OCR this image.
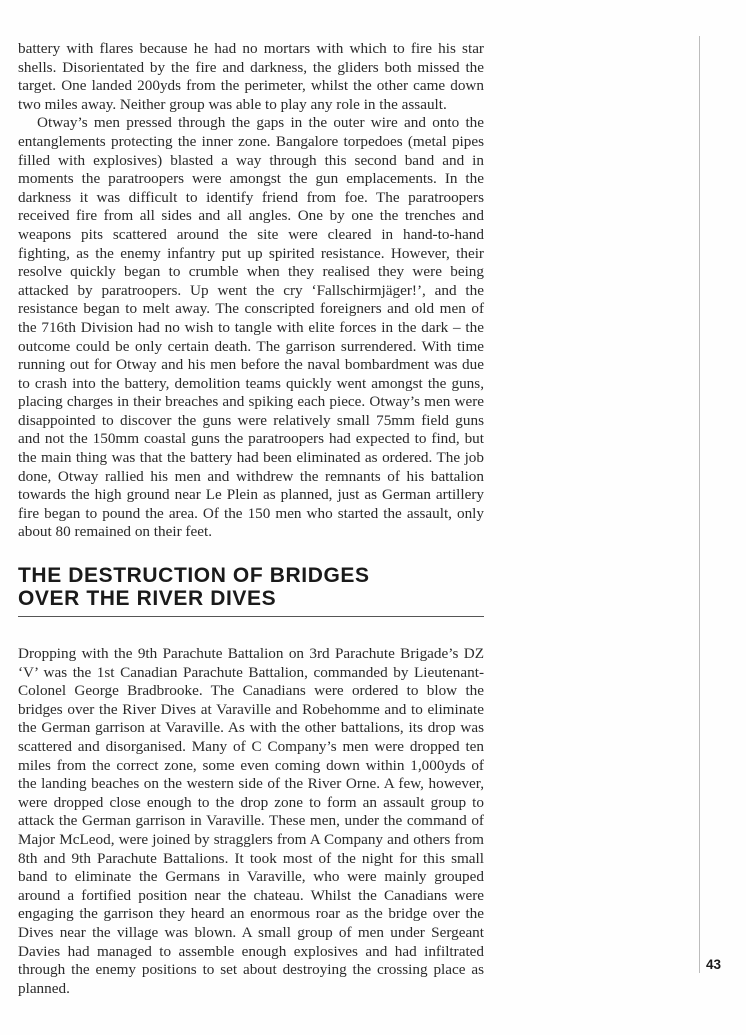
battery with flares because he had no mortars with which to fire his star shells. Disorientated by the fire and darkness, the gliders both missed the target. One landed 200yds from the perimeter, whilst the other came down two miles away. Neither group was able to play any role in the assault.

Otway’s men pressed through the gaps in the outer wire and onto the entanglements protecting the inner zone. Bangalore torpedoes (metal pipes filled with explosives) blasted a way through this second band and in moments the paratroopers were amongst the gun emplacements. In the darkness it was difficult to identify friend from foe. The paratroopers received fire from all sides and all angles. One by one the trenches and weapons pits scattered around the site were cleared in hand-to-hand fighting, as the enemy infantry put up spirited resistance. However, their resolve quickly began to crumble when they realised they were being attacked by paratroopers. Up went the cry ‘Fallschirmjäger!’, and the resistance began to melt away. The conscripted foreigners and old men of the 716th Division had no wish to tangle with elite forces in the dark – the outcome could be only certain death. The garrison surrendered. With time running out for Otway and his men before the naval bombardment was due to crash into the battery, demolition teams quickly went amongst the guns, placing charges in their breaches and spiking each piece. Otway’s men were disappointed to discover the guns were relatively small 75mm field guns and not the 150mm coastal guns the paratroopers had expected to find, but the main thing was that the battery had been eliminated as ordered. The job done, Otway rallied his men and withdrew the remnants of his battalion towards the high ground near Le Plein as planned, just as German artillery fire began to pound the area. Of the 150 men who started the assault, only about 80 remained on their feet.

THE DESTRUCTION OF BRIDGES
OVER THE RIVER DIVES

Dropping with the 9th Parachute Battalion on 3rd Parachute Brigade’s DZ ‘V’ was the 1st Canadian Parachute Battalion, commanded by Lieutenant-Colonel George Bradbrooke. The Canadians were ordered to blow the bridges over the River Dives at Varaville and Robehomme and to eliminate the German garrison at Varaville. As with the other battalions, its drop was scattered and disorganised. Many of C Company’s men were dropped ten miles from the correct zone, some even coming down within 1,000yds of the landing beaches on the western side of the River Orne. A few, however, were dropped close enough to the drop zone to form an assault group to attack the German garrison in Varaville. These men, under the command of Major McLeod, were joined by stragglers from A Company and others from 8th and 9th Parachute Battalions. It took most of the night for this small band to eliminate the Germans in Varaville, who were mainly grouped around a fortified position near the chateau. Whilst the Canadians were engaging the garrison they heard an enormous roar as the bridge over the Dives near the village was blown. A small group of men under Sergeant Davies had managed to assemble enough explosives and had infiltrated through the enemy positions to set about destroying the crossing place as planned.

43
